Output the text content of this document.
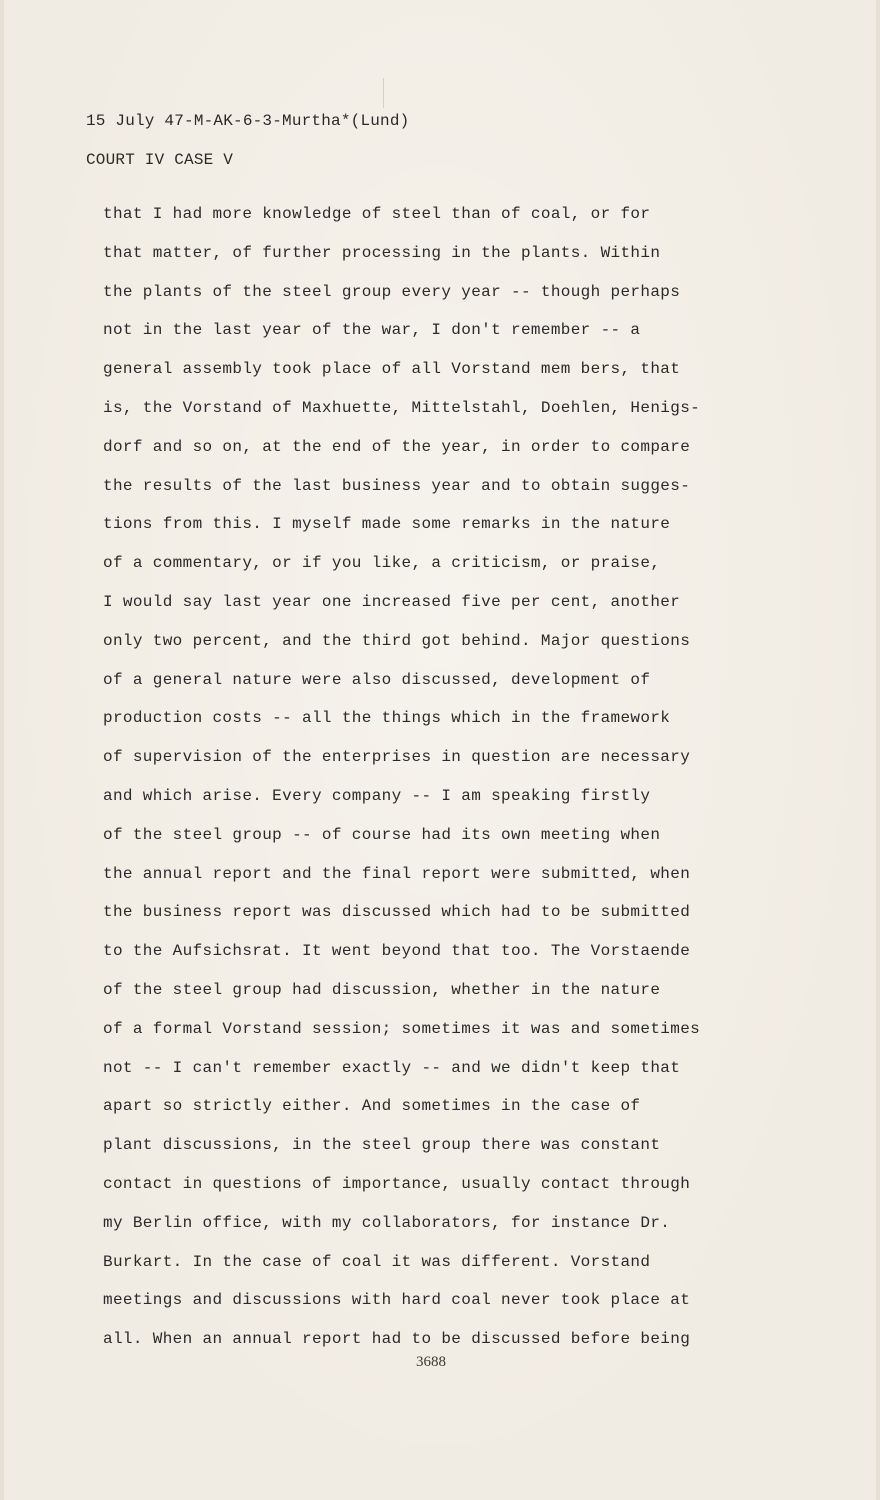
15 July 47-M-AK-6-3-Murtha*(Lund)
COURT IV CASE V
that I had more knowledge of steel than of coal, or for
that matter, of further processing in the plants. Within
the plants of the steel group every year -- though perhaps
not in the last year of the war, I don't remember -- a
general assembly took place of all Vorstand mem bers, that
is, the Vorstand of Maxhuette, Mittelstahl, Doehlen, Henigs-
dorf and so on, at the end of the year, in order to compare
the results of the last business year and to obtain sugges-
tions from this. I myself made some remarks in the nature
of a commentary, or if you like, a criticism, or praise,
I would say last year one increased five per cent, another
only two percent, and the third got behind. Major questions
of a general nature were also discussed, development of
production costs -- all the things which in the framework
of supervision of the enterprises in question are necessary
and which arise. Every company -- I am speaking firstly
of the steel group -- of course had its own meeting when
the annual report and the final report were submitted, when
the business report was discussed which had to be submitted
to the Aufsichsrat. It went beyond that too. The Vorstaende
of the steel group had discussion, whether in the nature
of a formal Vorstand session; sometimes it was and sometimes
not -- I can't remember exactly -- and we didn't keep that
apart so strictly either. And sometimes in the case of
plant discussions, in the steel group there was constant
contact in questions of importance, usually contact through
my Berlin office, with my collaborators, for instance Dr.
Burkart. In the case of coal it was different. Vorstand
meetings and discussions with hard coal never took place at
all. When an annual report had to be discussed before being
3688
